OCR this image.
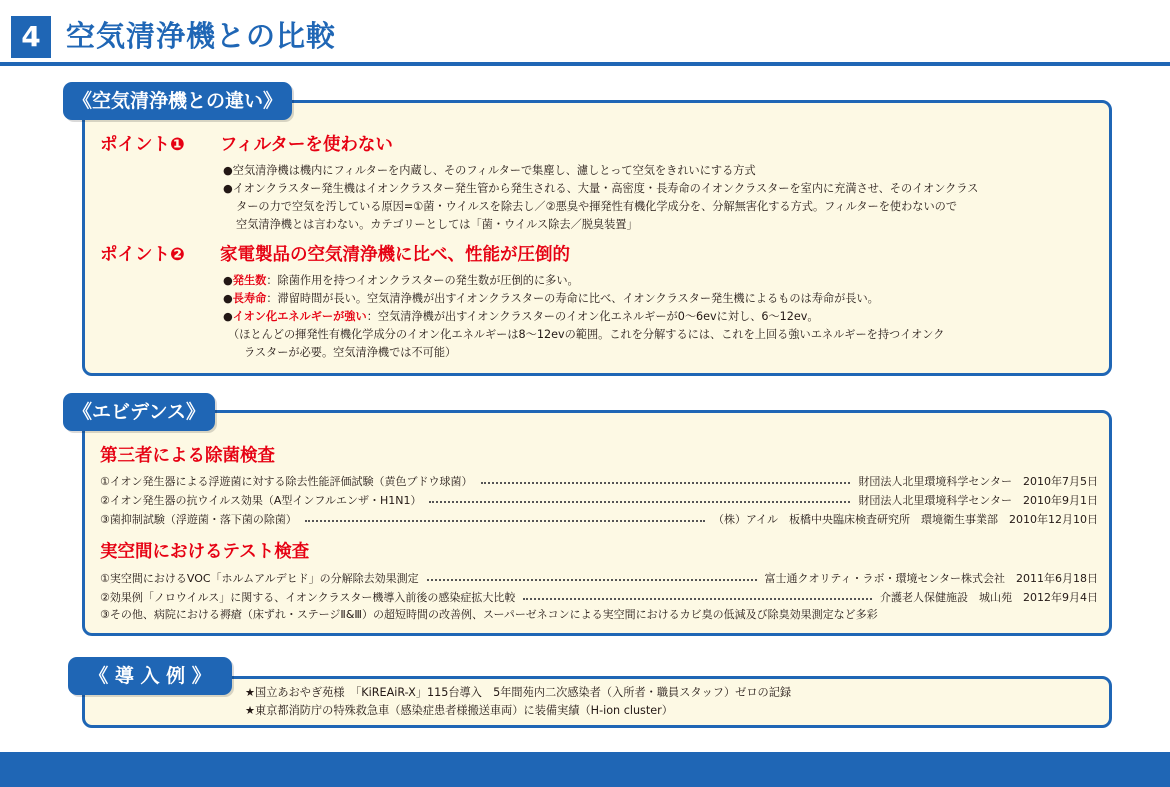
4 空気清浄機との比較
《空気清浄機との違い》
ポイント❶ フィルターを使わない
●空気清浄機は機内にフィルターを内蔵し、そのフィルターで集塵し、濾しとって空気をきれいにする方式
●イオンクラスター発生機はイオンクラスター発生管から発生される、大量・高密度・長寿命のイオンクラスターを室内に充満させ、そのイオンクラス
ターの力で空気を汚している原因=①菌・ウイルスを除去し／②悪臭や揮発性有機化学成分を、分解無害化する方式。フィルターを使わないので
空気清浄機とは言わない。カテゴリーとしては「菌・ウイルス除去／脱臭装置」
ポイント❷ 家電製品の空気清浄機に比べ、性能が圧倒的
●発生数：除菌作用を持つイオンクラスターの発生数が圧倒的に多い。
●長寿命：滞留時間が長い。空気清浄機が出すイオンクラスターの寿命に比べ、イオンクラスター発生機によるものは寿命が長い。
●イオン化エネルギーが強い：空気清浄機が出すイオンクラスターのイオン化エネルギーが0〜6evに対し、6〜12ev。
（ほとんどの揮発性有機化学成分のイオン化エネルギーは8〜12evの範囲。これを分解するには、これを上回る強いエネルギーを持つイオンク
ラスターが必要。空気清浄機では不可能）
《エビデンス》
第三者による除菌検査
①イオン発生器による浮遊菌に対する除去性能評価試験（黄色ブドウ球菌）	財団法人北里環境科学センター　2010年7月5日
②イオン発生器の抗ウイルス効果（A型インフルエンザ・H1N1）	財団法人北里環境科学センター　2010年9月1日
③菌抑制試験（浮遊菌・落下菌の除菌）	（株）アイル　板橋中央臨床検査研究所　環境衛生事業部　2010年12月10日
実空間におけるテスト検査
①実空間におけるVOC「ホルムアルデヒド」の分解除去効果測定	富士通クオリティ・ラボ・環境センター株式会社　2011年6月18日
②効果例「ノロウイルス」に関する、イオンクラスター機導入前後の感染症拡大比較	介護老人保健施設　城山苑　2012年9月4日
③その他、病院における褥瘡（床ずれ・ステージⅡ&Ⅲ）の超短時間の改善例、スーパーゼネコンによる実空間におけるカビ臭の低減及び除臭効果測定など多彩
《 導 入 例 》
★国立あおやぎ苑様　「KiREAiR-X」115台導入　5年間苑内二次感染者（入所者・職員スタッフ）ゼロの記録
★東京都消防庁の特殊救急車（感染症患者様搬送車両）に装備実績（H-ion cluster）
